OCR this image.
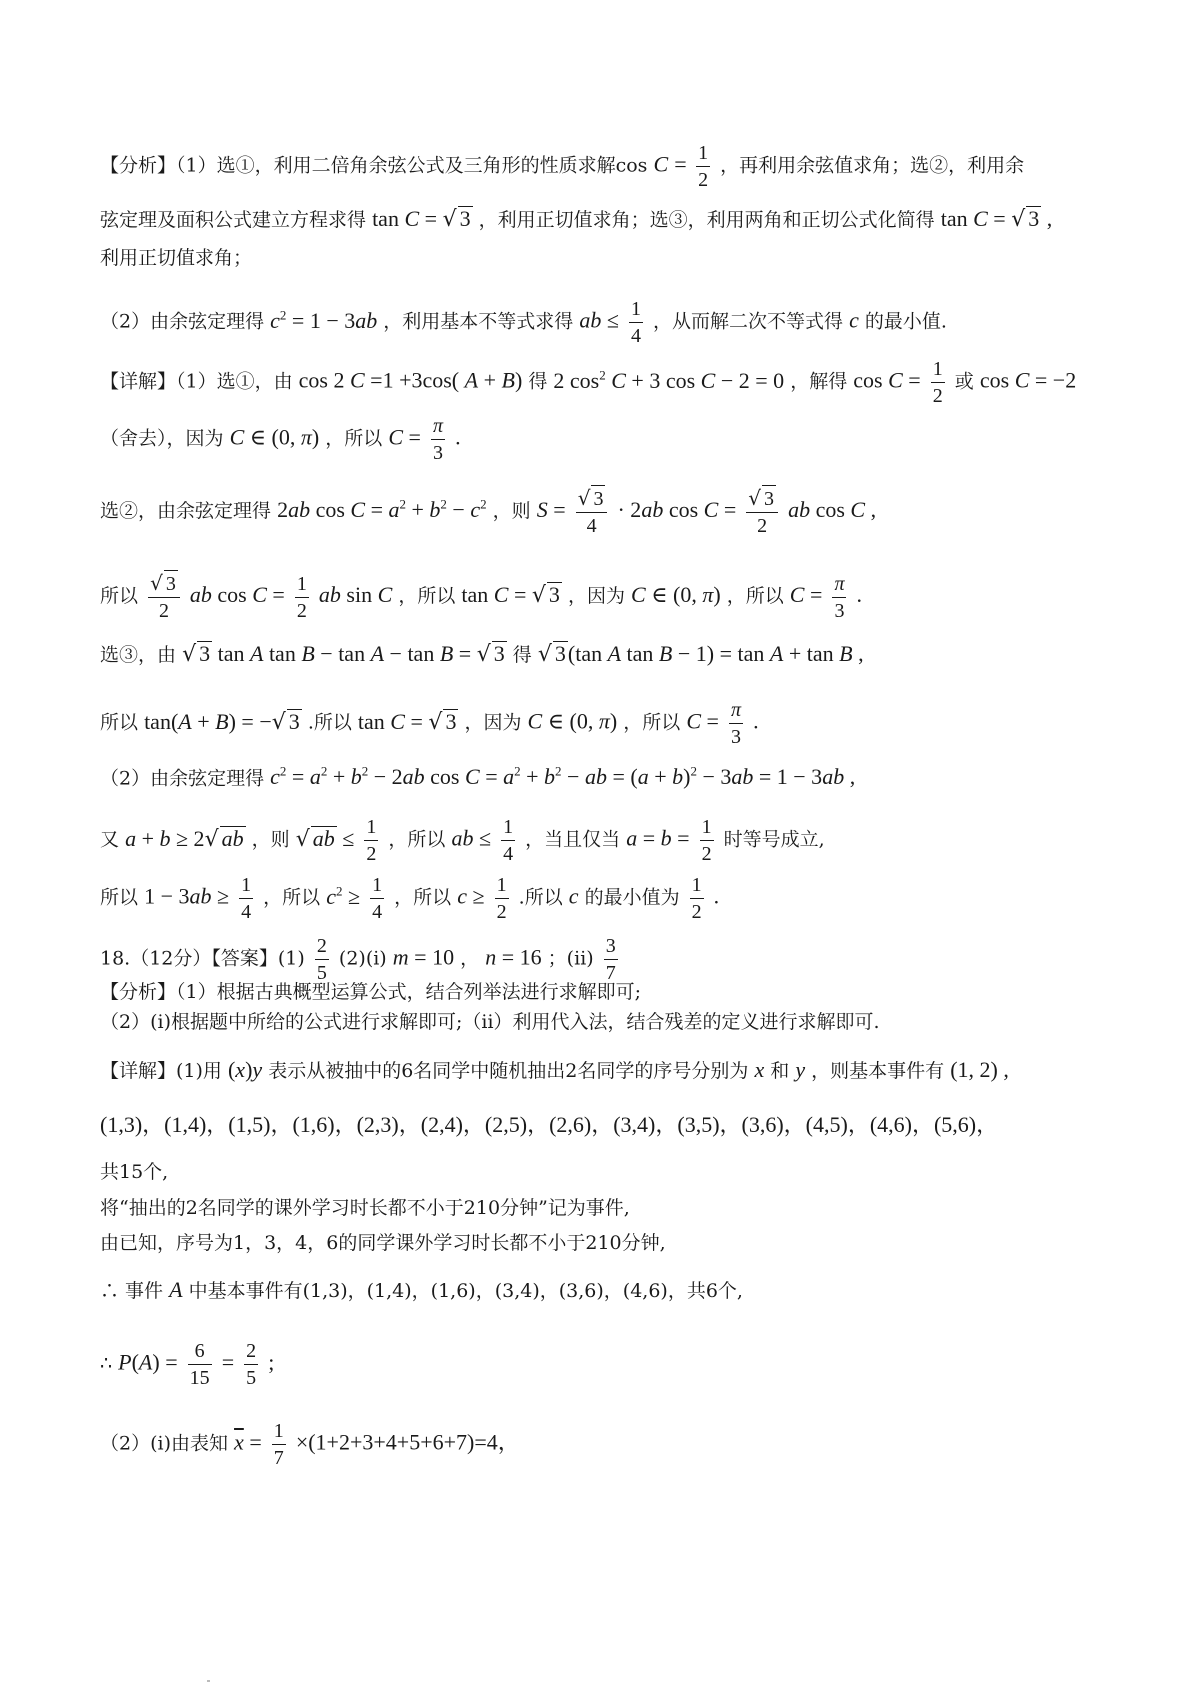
【分析】（1）选①，利用二倍角余弦公式及三角形的性质求解$\cos C = \frac{1}{2}$ ，再利用余弦值求角；选②，利用余
弦定理及面积公式建立方程求得 tan C = √ 3 ，利用正切值求角；选③，利用两角和正切公式化简得 tan C = √ 3 ,
利用正切值求角；
（2）由余弦定理得 $c^2 = 1 - 3ab$ ，利用基本不等式求得 ab ≤ $\frac{1}{4}$ ，从而解二次不等式得 c 的最小值.
【详解】（1）选①，由 cos 2 C =1 +3cos( A + B) 得 2 $\cos^2 C + 3$ cos C − 2 = 0 ，解得 $\cos C = \frac{1}{2}$ 或 cos C = −2
（舍去），因为 C ∈ (0, π) ，所以 $C = \frac{\pi}{3}$ .
选②，由余弦定理得 2ab $\cos C = a^2 + b^2 - c^2$ ，则 $S = \frac{√ 3}{4} \cdot 2ab$ $\cos C = \frac{√ 3}{2}$ ab cos C ,
所以 $\frac{√ 3}{2}$ ab $\cos C = \frac{1}{2}$ ab sin C ，所以 tan C = √ 3 ，因为 C ∈ (0, π) ，所以 $C = \frac{\pi}{3}$ .
选③，由 √ 3 tan A tan B − tan A − tan B = √ 3 得 √ 3(tan A tan B − 1) = tan A + tan B ,
所以 tan(A + B) = −√ 3 .所以 tan C = √ 3 ，因为 C ∈ (0, π) ，所以 $C = \frac{\pi}{3}$ .
（2）由余弦定理得 $c^2 = a^2 + b^2 - 2ab$ $\cos C = a^2 + b^2$ − ab = $(a + b)^2 - 3ab = 1 - 3ab$ ,
又 a + b ≥ 2√ ab ，则 √ ab ≤ $\frac{1}{2}$ ，所以 ab ≤ $\frac{1}{4}$ ，当且仅当 $a = b = \frac{1}{2}$ 时等号成立,
所以 $1 - 3ab \ge \frac{1}{4}$ ，所以 $c^2 \ge \frac{1}{4}$ ，所以 $c \ge \frac{1}{2}$ .所以 c 的最小值为 $\frac{1}{2}$ .
18.（12分）【答案】$(1) \frac{2}{5}$ (2)(ⅰ) m = 10 ， n = 16 ；(ⅱ) $\frac{3}{7}$
【分析】（1）根据古典概型运算公式，结合列举法进行求解即可;
（2）(ⅰ)根据题中所给的公式进行求解即可;（ⅱ）利用代入法，结合残差的定义进行求解即可.
【详解】(1)用 (x)y 表示从被抽中的6名同学中随机抽出2名同学的序号分别为 x 和 y ，则基本事件有 (1, 2) ,
(1,3)，(1,4)，(1,5)，(1,6)，(2,3)，(2,4)，(2,5)，(2,6)，(3,4)，(3,5)，(3,6)，(4,5)，(4,6)，(5,6)，
共15个,
将“抽出的2名同学的课外学习时长都不小于210分钟”记为事件,
由已知，序号为1，3，4，6的同学课外学习时长都不小于210分钟,
∴ 事件 A 中基本事件有(1,3)，(1,4)，(1,6)，(3,4)，(3,6)，(4,6)，共6个,
∴ $P(A) = \frac{6}{15} = \frac{2}{5}$ ;
（2）(ⅰ)由表知 $\overline{x} = \frac{1}{7} \times(1+2+3+4+5+6+7)=4$，
